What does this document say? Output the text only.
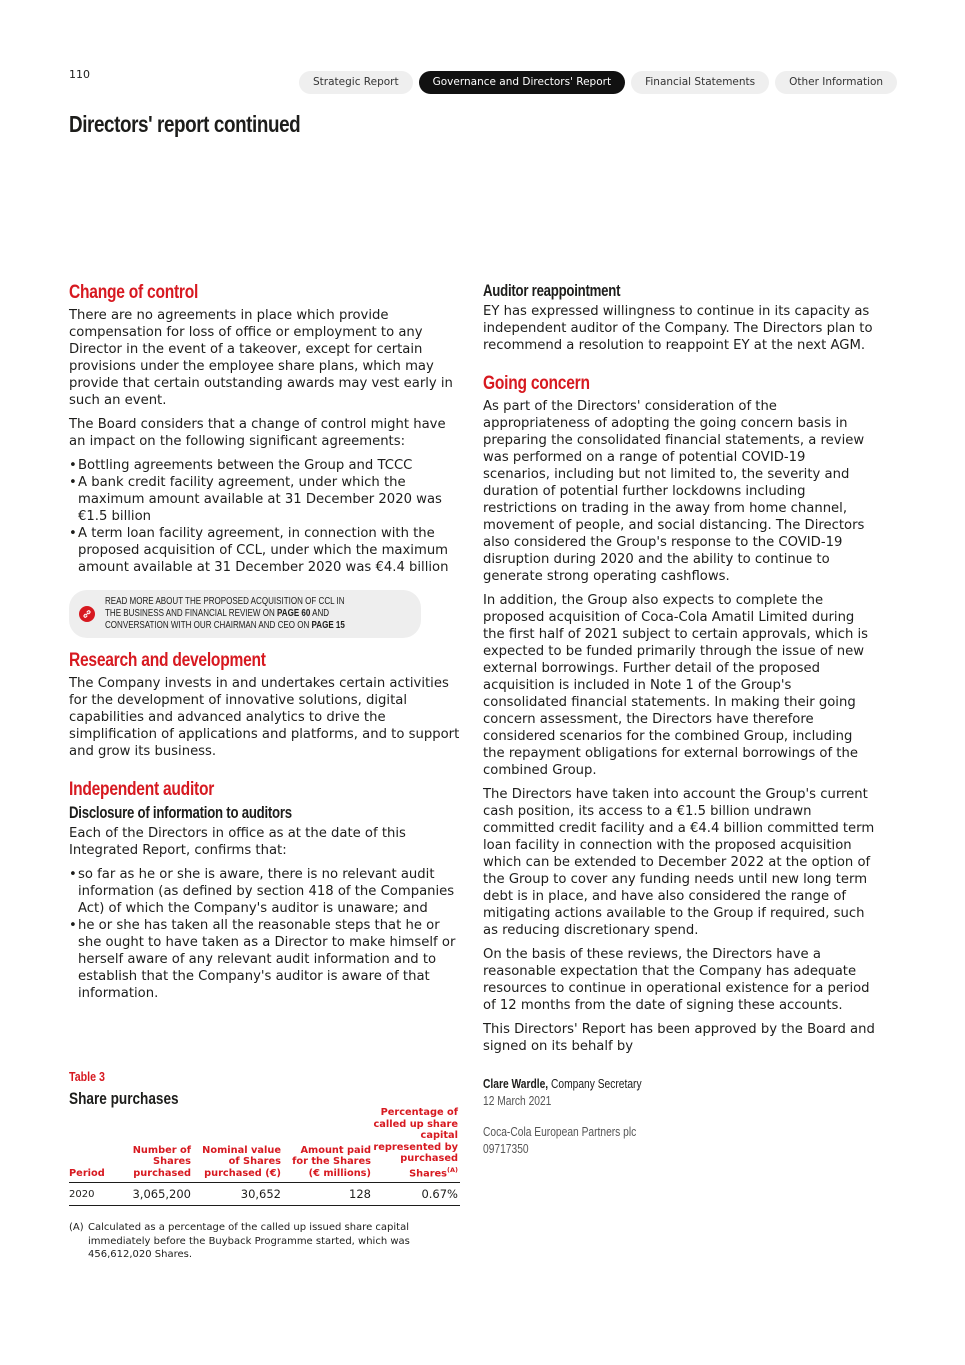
110
Strategic Report	Governance and Directors' Report	Financial Statements	Other Information
Directors' report continued
Change of control

There are no agreements in place which provide compensation for loss of office or employment to any Director in the event of a takeover, except for certain provisions under the employee share plans, which may provide that certain outstanding awards may vest early in such an event.

The Board considers that a change of control might have an impact on the following significant agreements:

• Bottling agreements between the Group and TCCC
• A bank credit facility agreement, under which the maximum amount available at 31 December 2020 was €1.5 billion
• A term loan facility agreement, in connection with the proposed acquisition of CCL, under which the maximum amount available at 31 December 2020 was €4.4 billion
READ MORE ABOUT THE PROPOSED ACQUISITION OF CCL IN THE BUSINESS AND FINANCIAL REVIEW ON PAGE 60 AND CONVERSATION WITH OUR CHAIRMAN AND CEO ON PAGE 15
Research and development

The Company invests in and undertakes certain activities for the development of innovative solutions, digital capabilities and advanced analytics to drive the simplification of applications and platforms, and to support and grow its business.

Independent auditor
Disclosure of information to auditors

Each of the Directors in office as at the date of this Integrated Report, confirms that:

• so far as he or she is aware, there is no relevant audit information (as defined by section 418 of the Companies Act) of which the Company's auditor is unaware; and
• he or she has taken all the reasonable steps that he or she ought to have taken as a Director to make himself or herself aware of any relevant audit information and to establish that the Company's auditor is aware of that information.
Table 3
Share purchases
Period	Number of Shares purchased	Nominal value of Shares purchased (€)	Amount paid for the Shares (€ millions)	Percentage of called up share capital represented by purchased Shares$^{(A)}$
2020	3,065,200	30,652	128	0.67%
(A) Calculated as a percentage of the called up issued share capital immediately before the Buyback Programme started, which was 456,612,020 Shares.
Auditor reappointment

EY has expressed willingness to continue in its capacity as independent auditor of the Company. The Directors plan to recommend a resolution to reappoint EY at the next AGM.

Going concern

As part of the Directors' consideration of the appropriateness of adopting the going concern basis in preparing the consolidated financial statements, a review was performed on a range of potential COVID-19 scenarios, including but not limited to, the severity and duration of potential further lockdowns including restrictions on trading in the away from home channel, movement of people, and social distancing. The Directors also considered the Group's response to the COVID-19 disruption during 2020 and the ability to continue to generate strong operating cashflows.

In addition, the Group also expects to complete the proposed acquisition of Coca-Cola Amatil Limited during the first half of 2021 subject to certain approvals, which is expected to be funded primarily through the issue of new external borrowings. Further detail of the proposed acquisition is included in Note 1 of the Group's consolidated financial statements. In making their going concern assessment, the Directors have therefore considered scenarios for the combined Group, including the repayment obligations for external borrowings of the combined Group.

The Directors have taken into account the Group's current cash position, its access to a €1.5 billion undrawn committed credit facility and a €4.4 billion committed term loan facility in connection with the proposed acquisition which can be extended to December 2022 at the option of the Group to cover any funding needs until new long term debt is in place, and have also considered the range of mitigating actions available to the Group if required, such as reducing discretionary spend.

On the basis of these reviews, the Directors have a reasonable expectation that the Company has adequate resources to continue in operational existence for a period of 12 months from the date of signing these accounts.

This Directors' Report has been approved by the Board and signed on its behalf by

Clare Wardle, Company Secretary
12 March 2021
Coca-Cola European Partners plc
09717350
